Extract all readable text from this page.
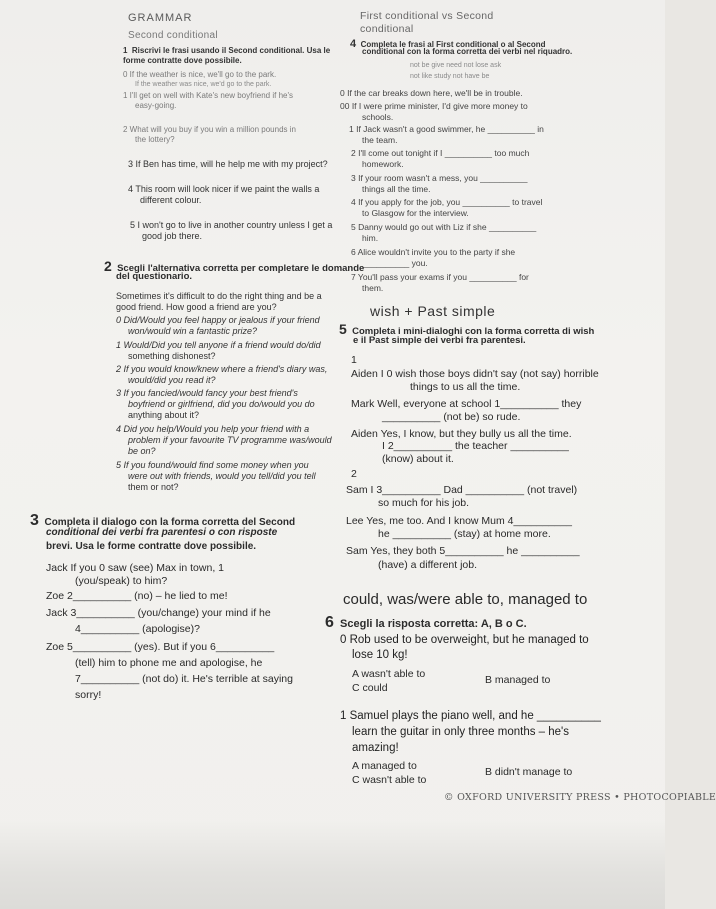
GRAMMAR
Second conditional
First conditional vs Second
conditional
1 Riscrivi le frasi usando il Second conditional. Usa le
forme contratte dove possibile.
0 If the weather is nice, we'll go to the park.
If the weather was nice, we'd go to the park.
1 I'll get on well with Kate's new boyfriend if he's
easy-going.
2 What will you buy if you win a million pounds in
the lottery?
3 If Ben has time, will he help me with my project?
4 This room will look nicer if we paint the walls a
different colour.
5 I won't go to live in another country unless I get a
good job there.
2 Scegli l'alternativa corretta per completare le domande
del questionario.
Sometimes it's difficult to do the right thing and be a
good friend. How good a friend are you?
0 Did/Would you feel happy or jealous if your friend
won/would win a fantastic prize?
1 Would/Did you tell anyone if a friend would do/did
something dishonest?
2 If you would know/knew where a friend's diary was,
would/did you read it?
3 If you fancied/would fancy your best friend's
boyfriend or girlfriend, did you do/would you do
anything about it?
4 Did you help/Would you help your friend with a
problem if your favourite TV programme was/would
be on?
5 If you found/would find some money when you
were out with friends, would you tell/did you tell
them or not?
3 Completa il dialogo con la forma corretta del Second
conditional dei verbi fra parentesi o con risposte
brevi. Usa le forme contratte dove possibile.
Jack If you 0 saw (see) Max in town, 1
(you/speak) to him?
Zoe 2__________ (no) – he lied to me!
Jack 3__________ (you/change) your mind if he
4__________ (apologise)?
Zoe 5__________ (yes). But if you 6__________
(tell) him to phone me and apologise, he
7__________ (not do) it. He's terrible at saying
sorry!
4 Completa le frasi al First conditional o al Second
conditional con la forma corretta dei verbi nel riquadro.
not be give need not lose ask
not like study not have be
0 If the car breaks down here, we'll be in trouble.
00 If I were prime minister, I'd give more money to
schools.
1 If Jack wasn't a good swimmer, he __________ in
the team.
2 I'll come out tonight if I __________ too much
homework.
3 If your room wasn't a mess, you __________
things all the time.
4 If you apply for the job, you __________ to travel
to Glasgow for the interview.
5 Danny would go out with Liz if she __________
him.
6 Alice wouldn't invite you to the party if she
__________ you.
7 You'll pass your exams if you __________ for
them.
wish + Past simple
5 Completa i mini-dialoghi con la forma corretta di wish
e il Past simple dei verbi fra parentesi.
1
Aiden I 0 wish those boys didn't say (not say) horrible
things to us all the time.
Mark Well, everyone at school 1__________ they
__________ (not be) so rude.
Aiden Yes, I know, but they bully us all the time.
I 2__________ the teacher __________
(know) about it.
2
Sam I 3__________ Dad __________ (not travel)
so much for his job.
Lee Yes, me too. And I know Mum 4__________
he __________ (stay) at home more.
Sam Yes, they both 5__________ he __________
(have) a different job.
could, was/were able to, managed to
6 Scegli la risposta corretta: A, B o C.
0 Rob used to be overweight, but he managed to
lose 10 kg!
A wasn't able to	B managed to
C could
1 Samuel plays the piano well, and he __________
learn the guitar in only three months – he's
amazing!
A managed to	B didn't manage to
C wasn't able to
© OXFORD UNIVERSITY PRESS • PHOTOCOPIABLE
